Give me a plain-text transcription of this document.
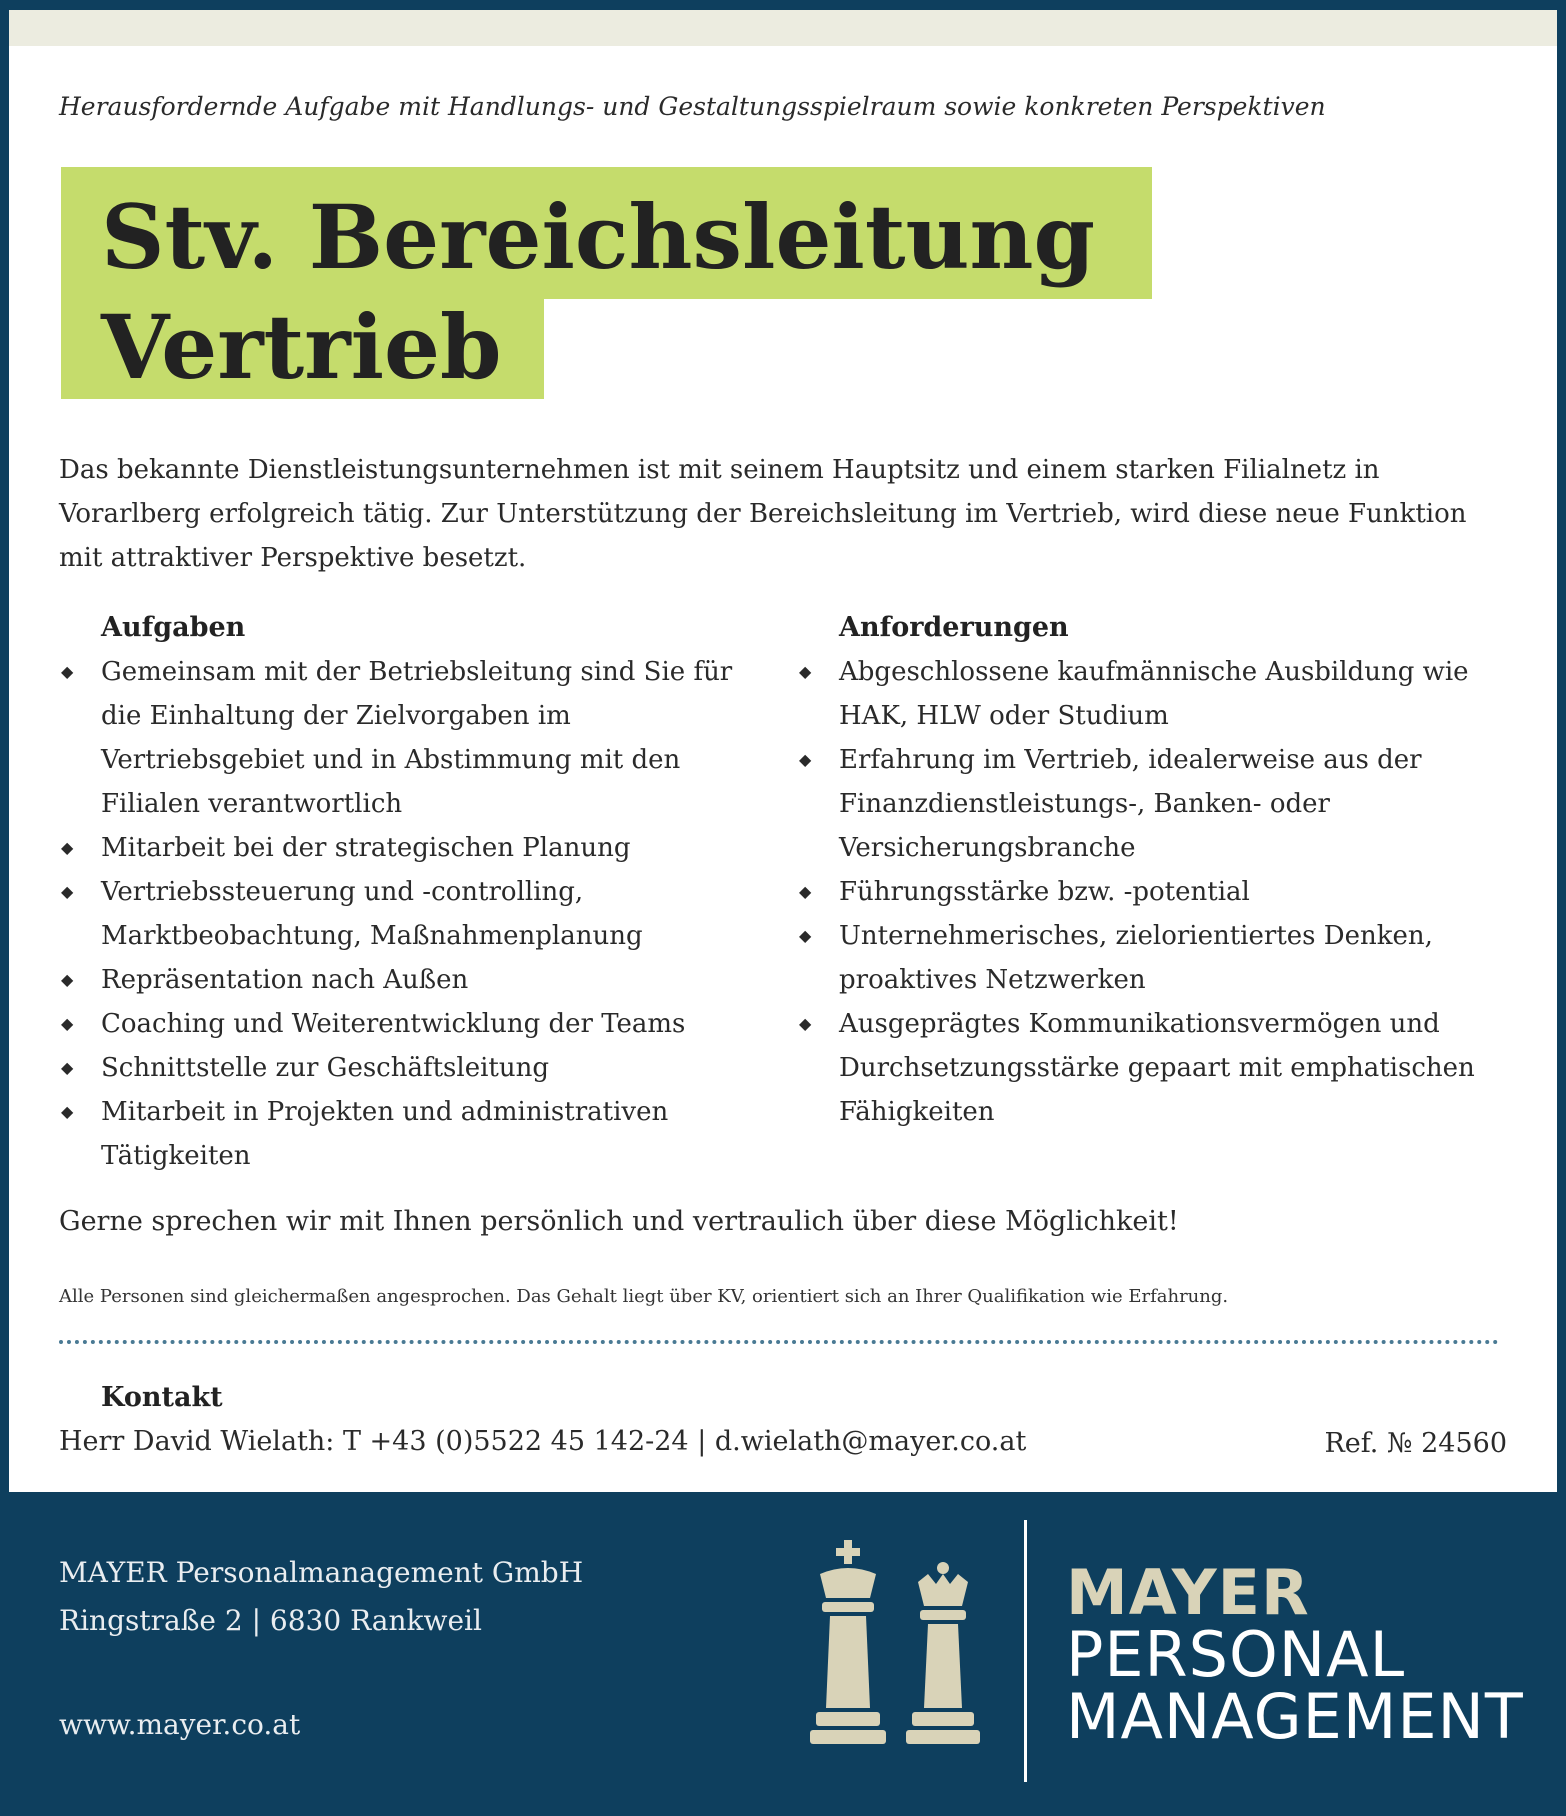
Herausfordernde Aufgabe mit Handlungs- und Gestaltungsspielraum sowie konkreten Perspektiven
Stv. Bereichsleitung
Vertrieb

Das bekannte Dienstleistungsunternehmen ist mit seinem Hauptsitz und einem starken Filialnetz in Vorarlberg erfolgreich tätig. Zur Unterstützung der Bereichsleitung im Vertrieb, wird diese neue Funktion mit attraktiver Perspektive besetzt.

Aufgaben
◆ Gemeinsam mit der Betriebsleitung sind Sie für die Einhaltung der Zielvorgaben im Vertriebsgebiet und in Abstimmung mit den Filialen verantwortlich
◆ Mitarbeit bei der strategischen Planung
◆ Vertriebssteuerung und -controlling, Marktbeobachtung, Maßnahmenplanung
◆ Repräsentation nach Außen
◆ Coaching und Weiterentwicklung der Teams
◆ Schnittstelle zur Geschäftsleitung
◆ Mitarbeit in Projekten und administrativen Tätigkeiten
Anforderungen
◆ Abgeschlossene kaufmännische Ausbildung wie HAK, HLW oder Studium
◆ Erfahrung im Vertrieb, idealerweise aus der Finanzdienstleistungs-, Banken- oder Versicherungsbranche
◆ Führungsstärke bzw. -potential
◆ Unternehmerisches, zielorientiertes Denken, proaktives Netzwerken
◆ Ausgeprägtes Kommunikationsvermögen und Durchsetzungsstärke gepaart mit emphatischen Fähigkeiten
Gerne sprechen wir mit Ihnen persönlich und vertraulich über diese Möglichkeit!
Alle Personen sind gleichermaßen angesprochen. Das Gehalt liegt über KV, orientiert sich an Ihrer Qualifikation wie Erfahrung.
Kontakt
Herr David Wielath: T +43 (0)5522 45 142-24 | d.wielath@mayer.co.at	Ref. № 24560
MAYER Personalmanagement GmbH
Ringstraße 2 | 6830 Rankweil
www.mayer.co.at
MAYER
PERSONAL
MANAGEMENT
